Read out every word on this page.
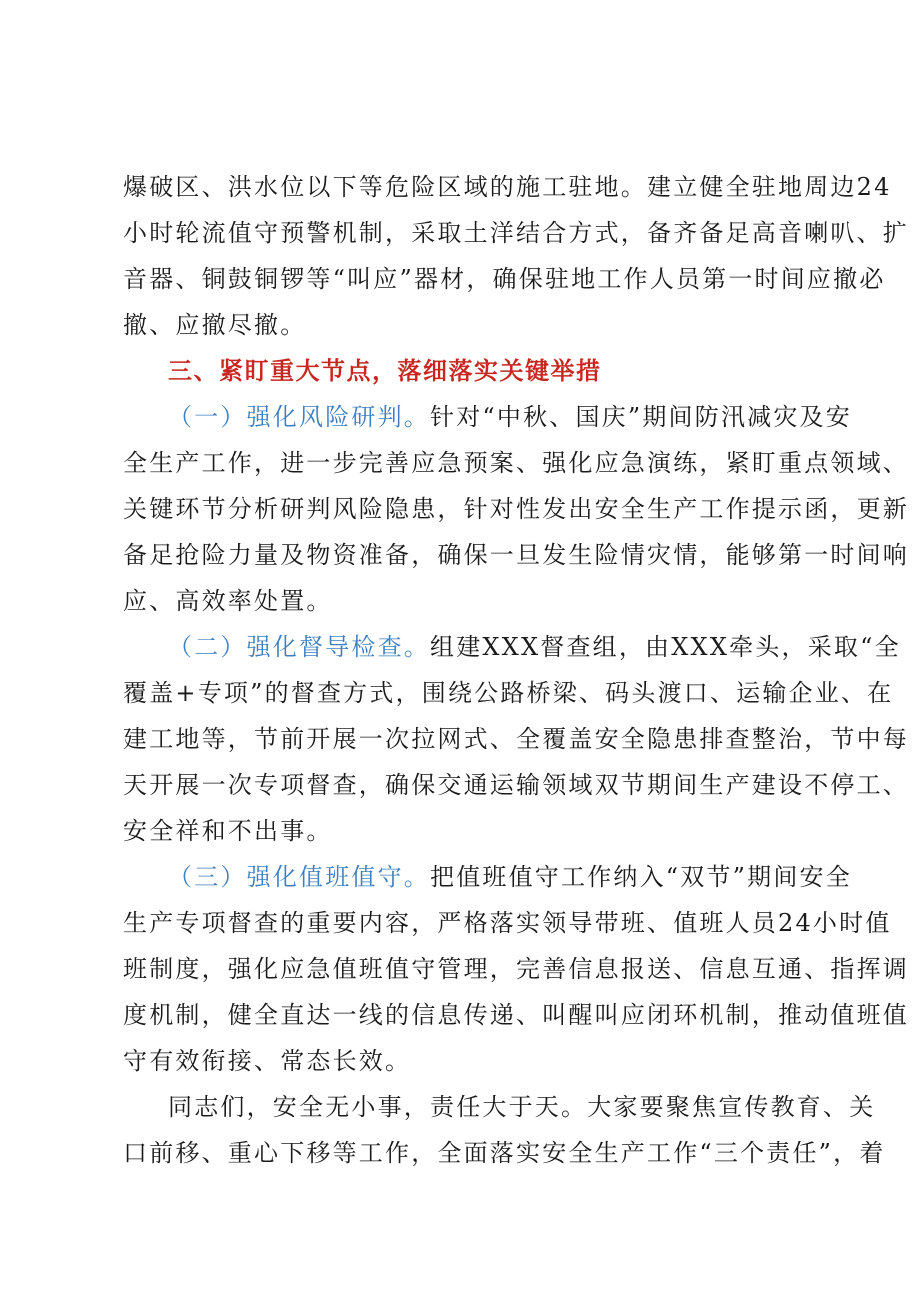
爆破区、洪水位以下等危险区域的施工驻地。建立健全驻地周边24
小时轮流值守预警机制，采取土洋结合方式，备齐备足高音喇叭、扩
音器、铜鼓铜锣等“叫应”器材，确保驻地工作人员第一时间应撤必
撤、应撤尽撤。
三、紧盯重大节点，落细落实关键举措
（一）强化风险研判。针对“中秋、国庆”期间防汛减灾及安
全生产工作，进一步完善应急预案、强化应急演练，紧盯重点领域、
关键环节分析研判风险隐患，针对性发出安全生产工作提示函，更新
备足抢险力量及物资准备，确保一旦发生险情灾情，能够第一时间响
应、高效率处置。
（二）强化督导检查。组建XXX督查组，由XXX牵头，采取“全
覆盖+专项”的督查方式，围绕公路桥梁、码头渡口、运输企业、在
建工地等，节前开展一次拉网式、全覆盖安全隐患排查整治，节中每
天开展一次专项督查，确保交通运输领域双节期间生产建设不停工、
安全祥和不出事。
（三）强化值班值守。把值班值守工作纳入“双节”期间安全
生产专项督查的重要内容，严格落实领导带班、值班人员24小时值
班制度，强化应急值班值守管理，完善信息报送、信息互通、指挥调
度机制，健全直达一线的信息传递、叫醒叫应闭环机制，推动值班值
守有效衔接、常态长效。
同志们，安全无小事，责任大于天。大家要聚焦宣传教育、关
口前移、重心下移等工作，全面落实安全生产工作“三个责任”，着
